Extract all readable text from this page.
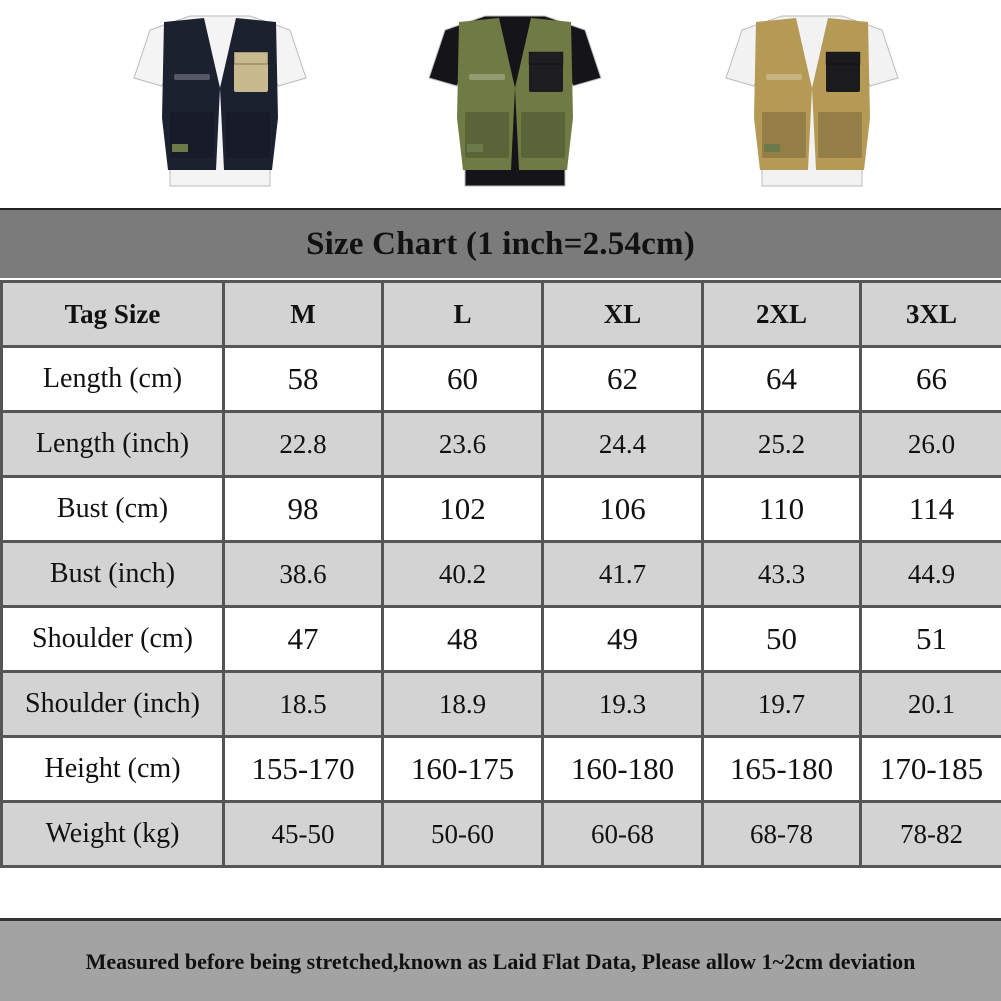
Size Chart (1 inch=2.54cm)
Tag Size	M	L	XL	2XL	3XL
Length (cm)	58	60	62	64	66
Length (inch)	22.8	23.6	24.4	25.2	26.0
Bust (cm)	98	102	106	110	114
Bust (inch)	38.6	40.2	41.7	43.3	44.9
Shoulder (cm)	47	48	49	50	51
Shoulder (inch)	18.5	18.9	19.3	19.7	20.1
Height (cm)	155-170	160-175	160-180	165-180	170-185
Weight (kg)	45-50	50-60	60-68	68-78	78-82
Measured before being stretched,known as Laid Flat Data, Please allow 1~2cm deviation
